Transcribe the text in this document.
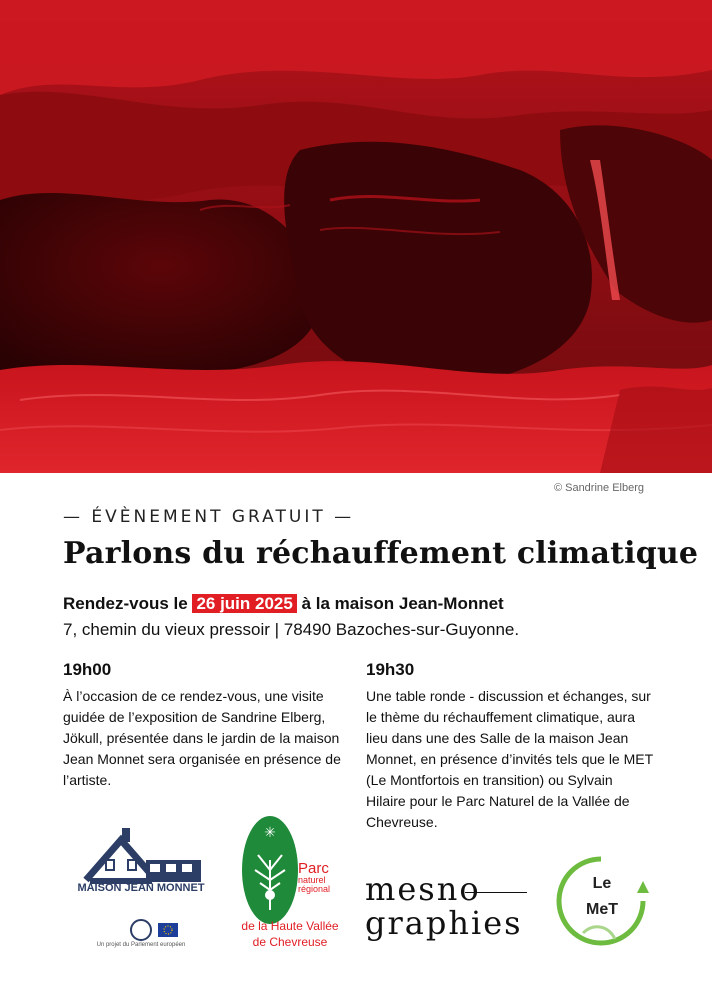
© Sandrine Elberg
— ÉVÈNEMENT GRATUIT —
Parlons du réchauffement climatique
Rendez-vous le 26 juin 2025 à la maison Jean-Monnet
7, chemin du vieux pressoir | 78490 Bazoches-sur-Guyonne.
19h00

À l’occasion de ce rendez-vous, une visite guidée de l’exposition de Sandrine Elberg, Jökull, présentée dans le jardin de la maison Jean Monnet sera organisée en présence de l’artiste.

19h30

Une table ronde - discussion et échanges, sur le thème du réchauffement climatique, aura lieu dans une des Salle de la maison Jean Monnet, en présence d’invités tels que le MET (Le Montfortois en transition) ou Sylvain Hilaire pour le Parc Naturel de la Vallée de Chevreuse.

MAISON JEAN MONNET
Un projet du Parlement européen
✳
Parc
naturel
régional
de la Haute Vallée
de Chevreuse
mesno
graphies
Le
MeT
